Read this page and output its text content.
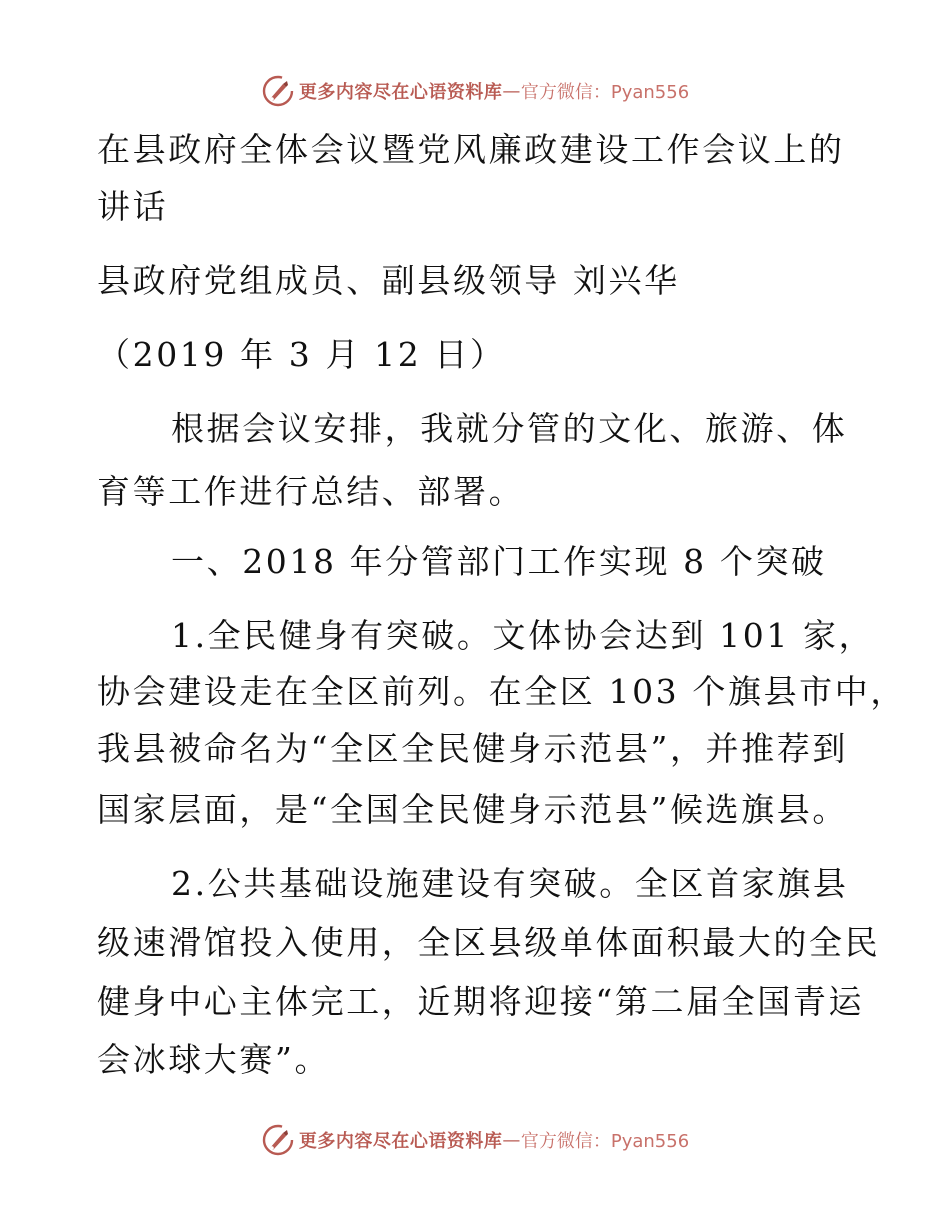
更多内容尽在心语资料库 — 官方微信：Pyan556
在县政府全体会议暨党风廉政建设工作会议上的
讲话
县政府党组成员、副县级领导 刘兴华
（2019 年 3 月 12 日）
根据会议安排，我就分管的文化、旅游、体
育等工作进行总结、部署。
一、2018 年分管部门工作实现 8 个突破
1.全民健身有突破。文体协会达到 101 家，
协会建设走在全区前列。在全区 103 个旗县市中，
我县被命名为“全区全民健身示范县”，并推荐到
国家层面，是“全国全民健身示范县”候选旗县。
2.公共基础设施建设有突破。全区首家旗县
级速滑馆投入使用，全区县级单体面积最大的全民
健身中心主体完工，近期将迎接“第二届全国青运
会冰球大赛”。
更多内容尽在心语资料库 — 官方微信：Pyan556
